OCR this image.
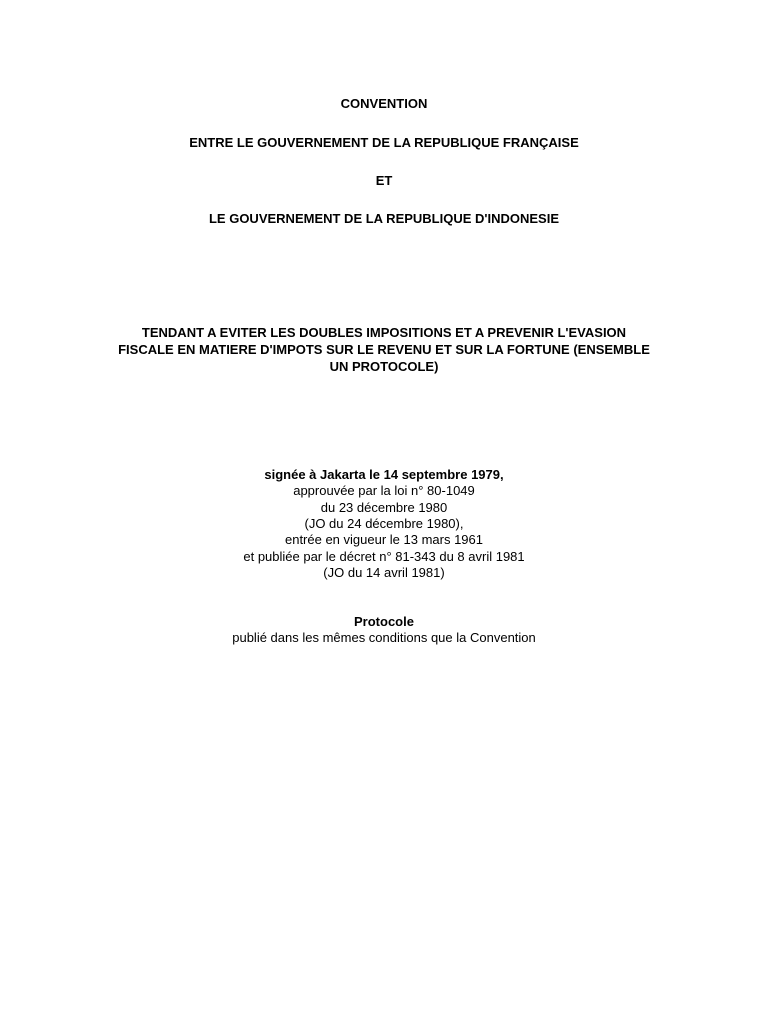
CONVENTION
ENTRE LE GOUVERNEMENT DE LA REPUBLIQUE FRANÇAISE
ET
LE GOUVERNEMENT DE LA REPUBLIQUE D'INDONESIE
TENDANT A EVITER LES DOUBLES IMPOSITIONS ET A PREVENIR L'EVASION
FISCALE EN MATIERE D'IMPOTS SUR LE REVENU ET SUR LA FORTUNE (ENSEMBLE
UN PROTOCOLE)
signée à Jakarta le 14 septembre 1979,
approuvée par la loi n° 80-1049
du 23 décembre 1980
(JO du 24 décembre 1980),
entrée en vigueur le 13 mars 1961
et publiée par le décret n° 81-343 du 8 avril 1981
(JO du 14 avril 1981)
Protocole
publié dans les mêmes conditions que la Convention
